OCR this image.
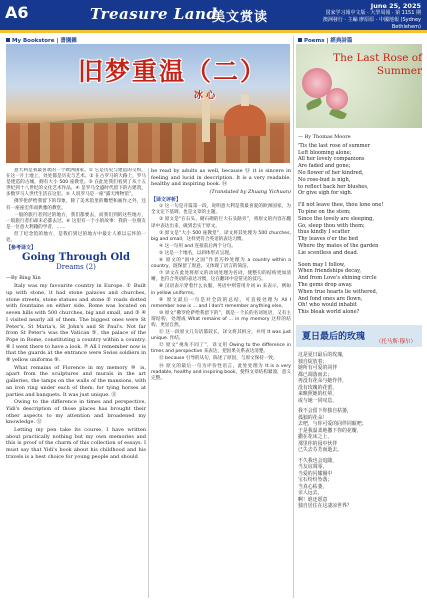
A6	Treasure Land
美文赏读
June 25, 2025
国家学习報中文版 · 大學周報 · 第 1151 期
澳洲發行 · 主編 廖原原 · 中國地報 (Sydney Bethlehem)
My Bookstore | 書園雜
旧梦重温（二）
冰 心

意大利是我最喜欢的一个欧洲国家。① 它是历史与建造的交织，在这一片土地上，处处都是历史与艺术。② 在古罗马的大路上，罗马是建造的古城，拥有大小 500 座教堂。③ 在此处我们看到了从十五世纪到十八世纪的文化艺术作品，④ 是罗马全盛时代留下的古建筑，多数罗马人世代生活在这里。⑤ 人说罗马是一座“露天博物馆”。

佛罗伦萨给我留下的印象，除了美术馆里的雕塑和画作之外，还有一座座宏伟而典雅的教堂。

一般的旅行者到过的地方，我们都要去，而我们到的这些地方，一般旅行者们却未必都去过。⑥ 这里有一个小的故事：我的一位朋友是一位意大利籍的学者，……

但丁纪念馆的地方，是我们到过的地方中最让人难以忘怀的一处。

【参考译文】
Going Through Old
Dreams (2)
—By Bing Xin

Italy was my favourite country in Europe. ① Built up with stone, it had stone palaces and churches, stone streets, stone statues and stone ② roads dotted with fountains on either side. Rome was located on seven hills with 500 churches, big and small, and ③ ④ I visited nearly all of them. The biggest ones were St Peter's, St Maria's, St John's and St Paul's. Not far from St Peter's was the Vatican ⑤, the palace of the Pope in Rome, constituting a country within a country. ⑥ I went there to have a look. ⑦ All I remember now is that the guards at the entrance were Swiss soldiers in ⑧ yellow uniforms ⑨.

What remains of Florence in my memory ⑩ is, apart from the sculptures and murals in the art galleries, the lamps on the walls of the mansions, with an iron ring under each of them, for tying horses at parties and banquets. It was just unique. ⑪

Owing to the difference in times and perspective, Yidi's description of those places has brought their other aspects to my attention and broadened my knowledge. ⑫

Letting my pen take its course, I have written about practically nothing but my own memories and this is proof of the charm of this collection of essays. I must say that Yidi's book about his childhood and his travels is a best choice for young people and should

be read by adults as well, because ⑬ it is sincere in feeling and lucid in description. It is a very readable, healthy and inspiring book. ⑭

(Translated by Zhuang Yichuan)
【译文评析】

① 这一句是开篇第一段，说明意大利是我最喜爱的欧洲国家，为全文定下基调，也是文章的主题。

② 原文是“在石头、砌石砌的巨大石头路旁”，将原文的内容在翻译中表达出来，做到忠实于原文。

③ 原文是“大小 500 座教堂”，译文将其处理为 500 churches, big and small，这样更符合英语的表达习惯。

④ 这一句用 and 连接前后两个分句。

⑤ 这是一个地名，以斜体形式呈现。

⑥ 原文的“国中之国”作者巧妙处理为 a country within a country，既保留了原意，又体现了语言的简洁。

⑦ 译文在此处将原文的动词处理为名词，使整句的结构更加清晰，也符合英语的表达习惯，这在翻译中是常见的技巧。

⑧ 汉语表示穿着什么衣服，英语中则常用介词 in 来表示，例如 in yellow uniforms。

⑨ 原文最后一句是对全段的总结，可直接处理为 All I remember now is … and I don't remember anything else。

⑩ 原文“佛罗伦萨给我留下的”，既是一个长的名词短语，又有主谓结构，处理成 What remains of … in my memory 这样的结构，更显自然。

⑪ 这一段原文几句话都较长，译文将其拆分，并用 It was just unique. 作结。

⑫ 原文“视角不同了”，译文用 Owing to the difference in times and perspective 来表达，把因果关系表达清楚。

⑬ because 引导的从句，陈述了原因，与原文保持一致。

⑭ 原文的最后一句为评价性语言，此处处理为 It is a very readable, healthy and inspiring book，使得文章结构紧凑，意义完整。

Poems | 經典詩篇
The Last Rose of Summer
— By Thomas Moore
'Tis the last rose of summer
Left blooming alone;
All her lovely companions
Are faded and gone;
No flower of her kindred,
No rose-bud is nigh,
to reflect back her blushes,
Or give sigh for sigh.
I'll not leave thee, thou lone one!
To pine on the stem;
Since the lovely are sleeping,
Go, sleep thou with them;
thus kindly I scatter
Thy leaves o'er the bed
Where thy mates of the garden
Lie scentless and dead.
Soon may I follow,
When friendships decay,
And from Love's shining circle
The gems drop away.
When true hearts lie withered,
And fond ones are flown,
Oh! who would inhabit
This bleak world alone?
夏日最后的玫瑰 （托马斯·穆尔）
这是夏日最后的玫瑰，
独自绽放着；
她所有可爱的同伴
都已凋落而去；
再没有花朵与她作伴，
没有玫瑰的花蕾，
来映照她的红晕，
或与她一同叹息。
我不会留下你独自枯萎，
孤独的花朵！
去吧，与你可爱的同伴同眠吧；
于是我温柔地撒下你的花瓣，
撒在花床之上，
那里你的园中伙伴
已失去芬芳而逝去。
不久我也会追随，
当友谊凋零，
当爱的闪耀圈中
宝石纷纷坠落；
当真心枯萎，
亲人远去，
啊！谁还愿意
独自居住在这凄凉世界？
